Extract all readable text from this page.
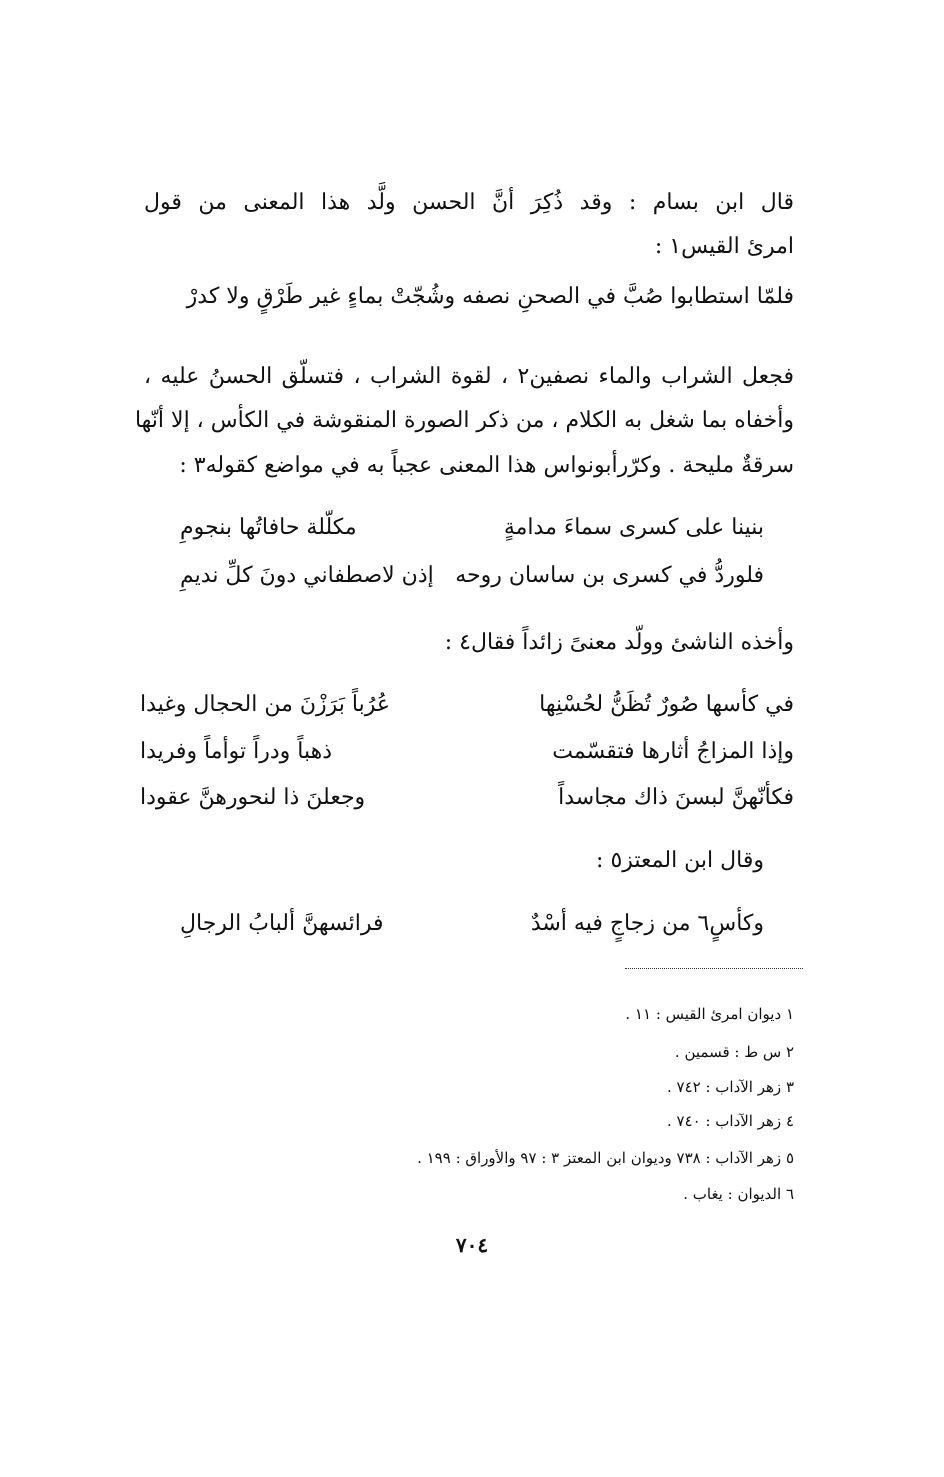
قال ابن بسام : وقد ذُكِرَ أنَّ الحسن ولَّد هذا المعنى من قول
امرئ القيس١ :
فلمّا استطابوا صُبَّ في الصحنِ نصفه وشُجّتْ بماءٍ غير طَرْقٍ ولا كدرْ
فجعل الشراب والماء نصفين٢ ، لقوة الشراب ، فتسلّق الحسنُ عليه ،
وأخفاه بما شغل به الكلام ، من ذكر الصورة المنقوشة في الكأس ، إلا أنّها
سرقةٌ مليحة . وكرّرأبونواس هذا المعنى عجباً به في مواضع كقوله٣ :
بنينا على كسرى سماءَ مدامةٍ
مكلّلة حافاتُها بنجومِ
فلوردُّ في كسرى بن ساسان روحه
إذن لاصطفاني دونَ كلِّ نديمِ
وأخذه الناشئ وولّد معنىً زائداً فقال٤ :
في كأسها صُورٌ تُظَنُّ لحُسْنِها
عُرُباً بَرَزْنَ من الحجال وغيدا
وإذا المزاجُ أثارها فتقسّمت
ذهباً ودراً توأماً وفريدا
فكأنّهنَّ لبسنَ ذاك مجاسداً
وجعلنَ ذا لنحورهنَّ عقودا
وقال ابن المعتز٥ :
وكأسٍ٦ من زجاجٍ فيه أسْدٌ
فرائسهنَّ ألبابُ الرجالِ
١ ديوان امرئ القيس : ١١ .
٢ س ط : قسمين .
٣ زهر الآداب : ٧٤٢ .
٤ زهر الآداب : ٧٤٠ .
٥ زهر الآداب : ٧٣٨ وديوان ابن المعتز ٣ : ٩٧ والأوراق : ١٩٩ .
٦ الديوان : يغاب .
٧٠٤
